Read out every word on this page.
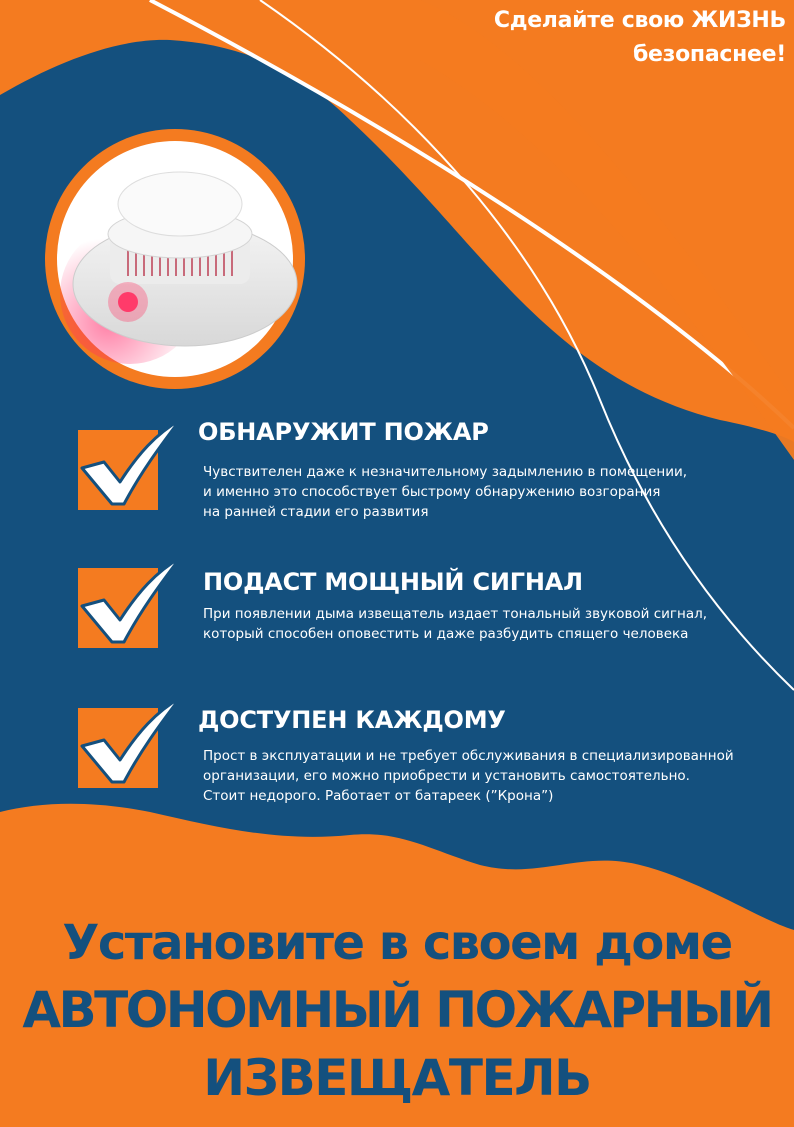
Сделайте свою ЖИЗНЬ
безопаснее!
ОБНАРУЖИТ ПОЖАР
Чувствителен даже к незначительному задымлению в помещении,
и именно это способствует быстрому обнаружению возгорания
на ранней стадии его развития
ПОДАСТ МОЩНЫЙ СИГНАЛ
При появлении дыма извещатель издает тональный звуковой сигнал,
который способен оповестить и даже разбудить спящего человека
ДОСТУПЕН КАЖДОМУ
Прост в эксплуатации и не требует обслуживания в специализированной
организации, его можно приобрести и установить самостоятельно.
Стоит недорого. Работает от батареек (”Крона”)
Установите в своем доме
АВТОНОМНЫЙ ПОЖАРНЫЙ
ИЗВЕЩАТЕЛЬ
